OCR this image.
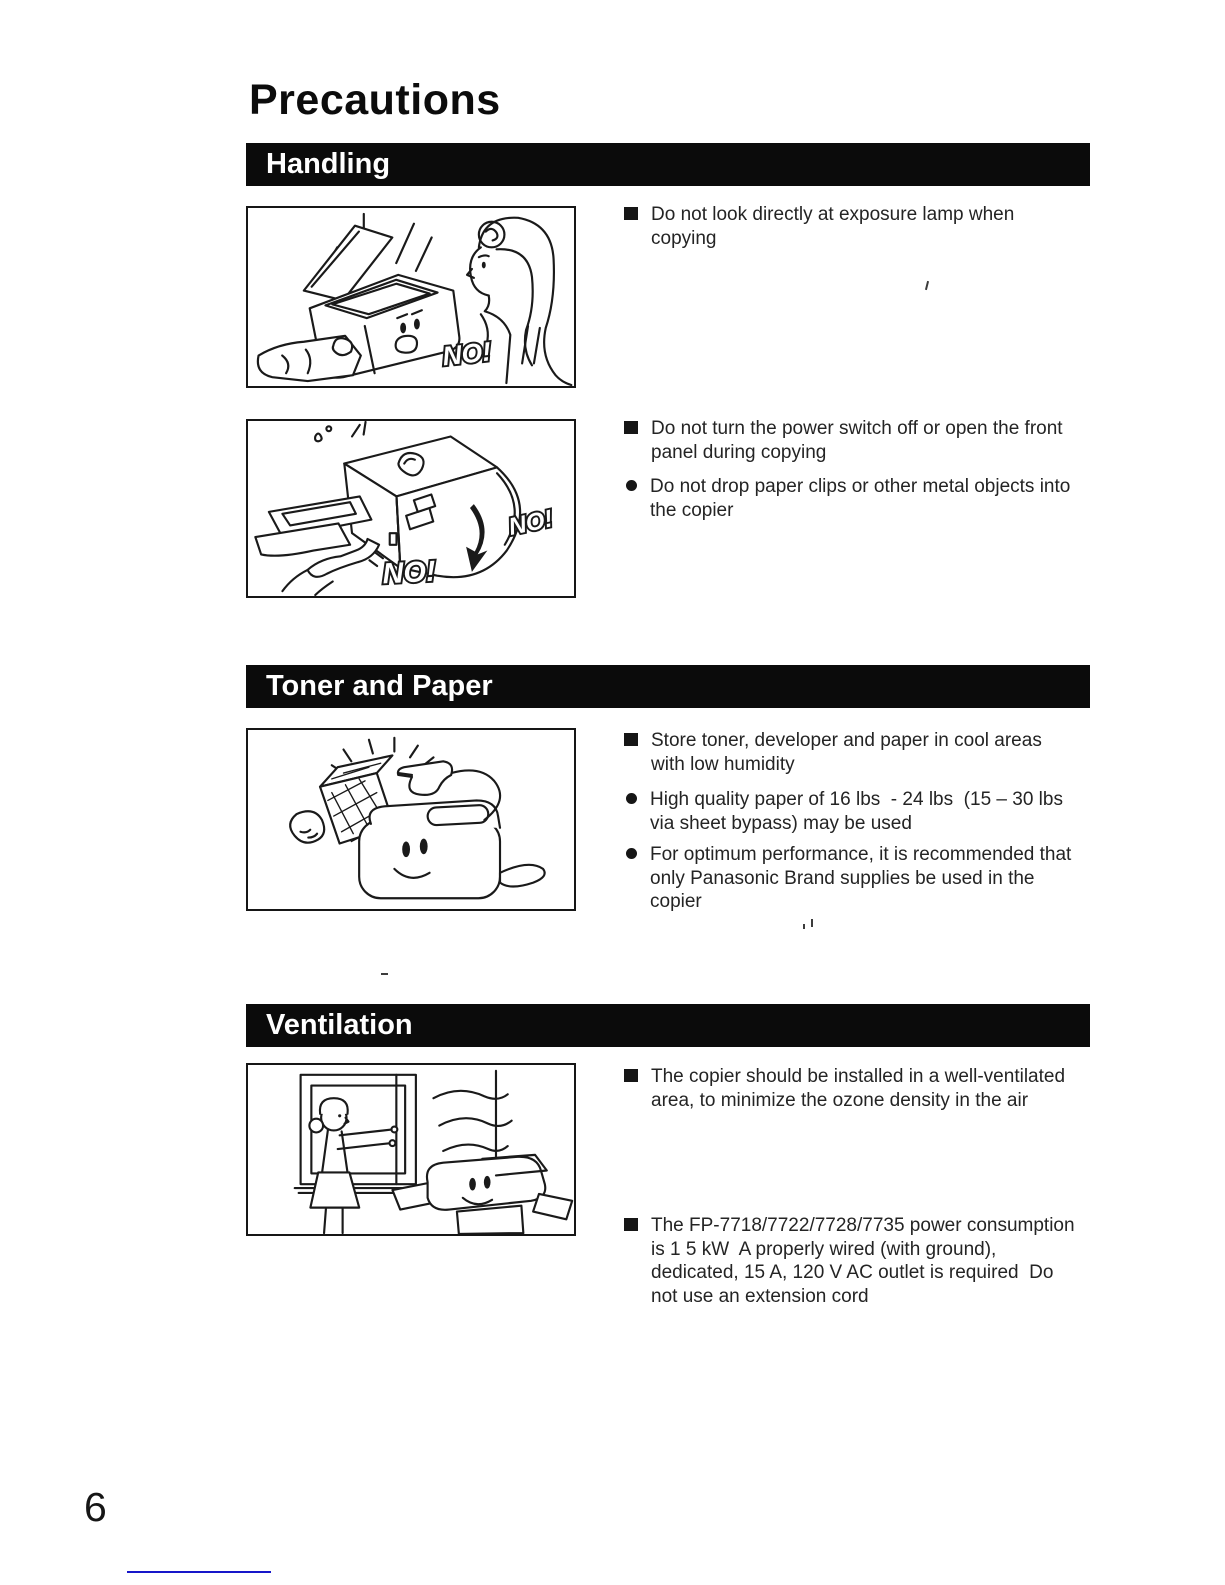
Precautions
Handling
NO!
Do not look directly at exposure lamp when copying
NO!
NO!
Do not turn the power switch off or open the front panel during copying
Do not drop paper clips or other metal objects into the copier
Toner and Paper
Store toner, developer and paper in cool areas with low humidity
High quality paper of 16 lbs  - 24 lbs  (15 – 30 lbs via sheet bypass) may be used
For optimum performance, it is recommended that only Panasonic Brand supplies be used in the copier
Ventilation
The copier should be installed in a well-ventilated area, to minimize the ozone density in the air
The FP-7718/7722/7728/7735 power consumption is 1 5 kW  A properly wired (with ground), dedicated, 15 A, 120 V AC outlet is required  Do not use an extension cord
6
